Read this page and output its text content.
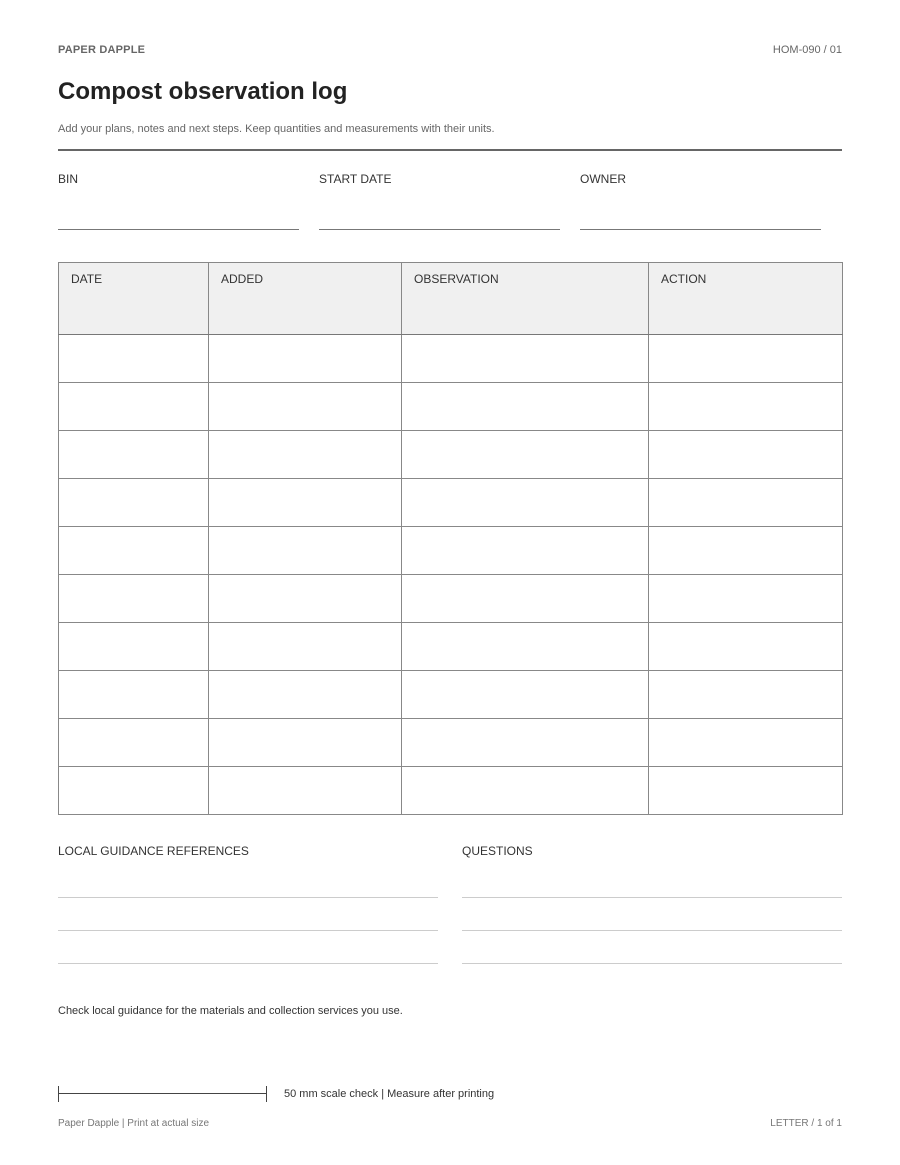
PAPER DAPPLE	HOM-090 / 01
Compost observation log
Add your plans, notes and next steps. Keep quantities and measurements with their units.
BIN	START DATE	OWNER
DATE	ADDED	OBSERVATION	ACTION

LOCAL GUIDANCE REFERENCES	QUESTIONS
Check local guidance for the materials and collection services you use.
50 mm scale check | Measure after printing
Paper Dapple | Print at actual size	LETTER / 1 of 1
